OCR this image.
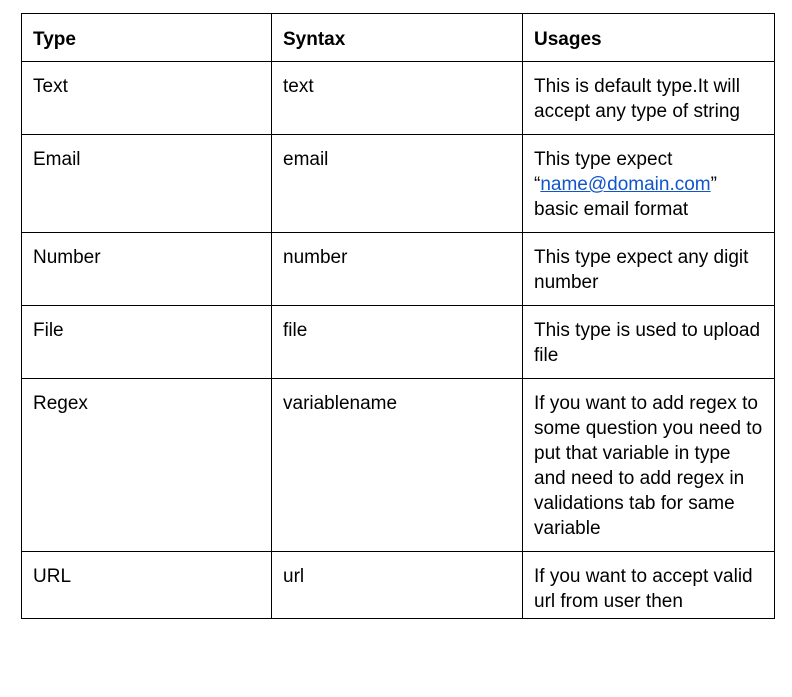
Type	Syntax	Usages
Text	text	This is default type.It will accept any type of string
Email	email	This type expect “name@domain.com” basic email format
Number	number	This type expect any digit number
File	file	This type is used to upload file
Regex	variablename	If you want to add regex to some question you need to put that variable in type and need to add regex in validations tab for same variable
URL	url	If you want to accept valid url from user then
